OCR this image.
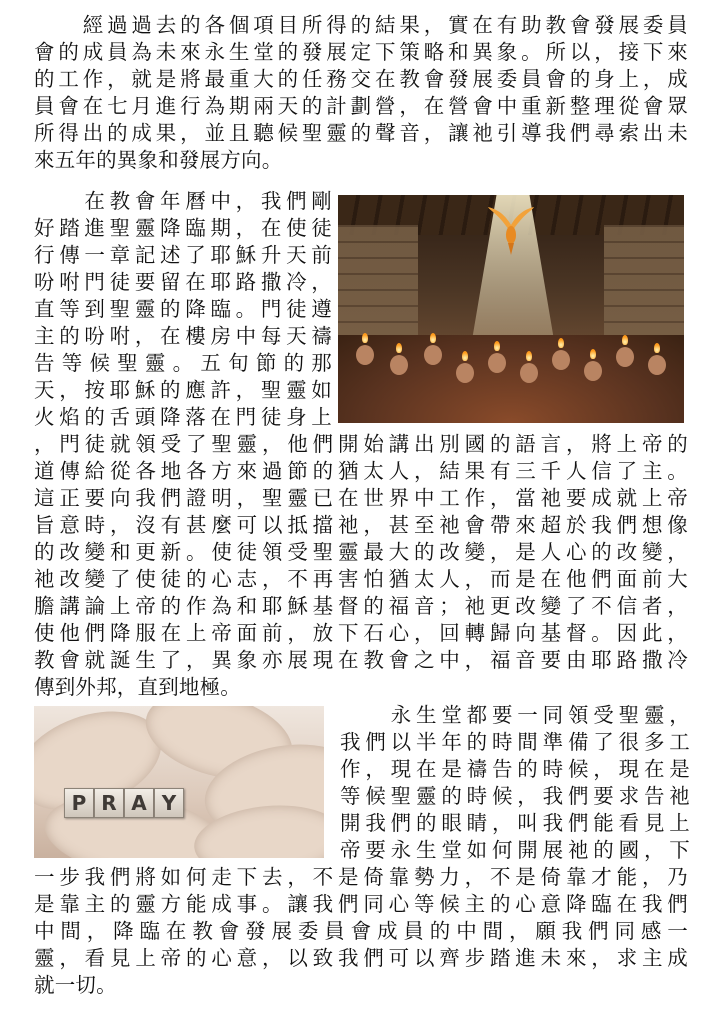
　　經過過去的各個項目所得的結果，實在有助教會發展委員
會的成員為未來永生堂的發展定下策略和異象。所以，接下來
的工作，就是將最重大的任務交在教會發展委員會的身上，成
員會在七月進行為期兩天的計劃營，在營會中重新整理從會眾
所得出的成果，並且聽候聖靈的聲音，讓祂引導我們尋索出未
來五年的異象和發展方向。
　　在教會年曆中，我們剛
好踏進聖靈降臨期，在使徒
行傳一章記述了耶穌升天前
吩咐門徒要留在耶路撒冷，
直等到聖靈的降臨。門徒遵
主的吩咐，在樓房中每天禱
告等候聖靈。五旬節的那
天，按耶穌的應許，聖靈如
火焰的舌頭降落在門徒身上
，門徒就領受了聖靈，他們開始講出別國的語言，將上帝的
道傳給從各地各方來過節的猶太人，結果有三千人信了主。
這正要向我們證明，聖靈已在世界中工作，當祂要成就上帝
旨意時，沒有甚麼可以抵擋祂，甚至祂會帶來超於我們想像
的改變和更新。使徒領受聖靈最大的改變，是人心的改變，
祂改變了使徒的心志，不再害怕猶太人，而是在他們面前大
膽講論上帝的作為和耶穌基督的福音；祂更改變了不信者，
使他們降服在上帝面前，放下石心，回轉歸向基督。因此，
教會就誕生了，異象亦展現在教會之中，福音要由耶路撒冷
傳到外邦，直到地極。
P R A Y
　　永生堂都要一同領受聖靈，
我們以半年的時間準備了很多工
作，現在是禱告的時候，現在是
等候聖靈的時候，我們要求告祂
開我們的眼睛，叫我們能看見上
帝要永生堂如何開展祂的國，下
一步我們將如何走下去，不是倚靠勢力，不是倚靠才能，乃
是靠主的靈方能成事。讓我們同心等候主的心意降臨在我們
中間，降臨在教會發展委員會成員的中間，願我們同感一
靈，看見上帝的心意，以致我們可以齊步踏進未來，求主成
就一切。
